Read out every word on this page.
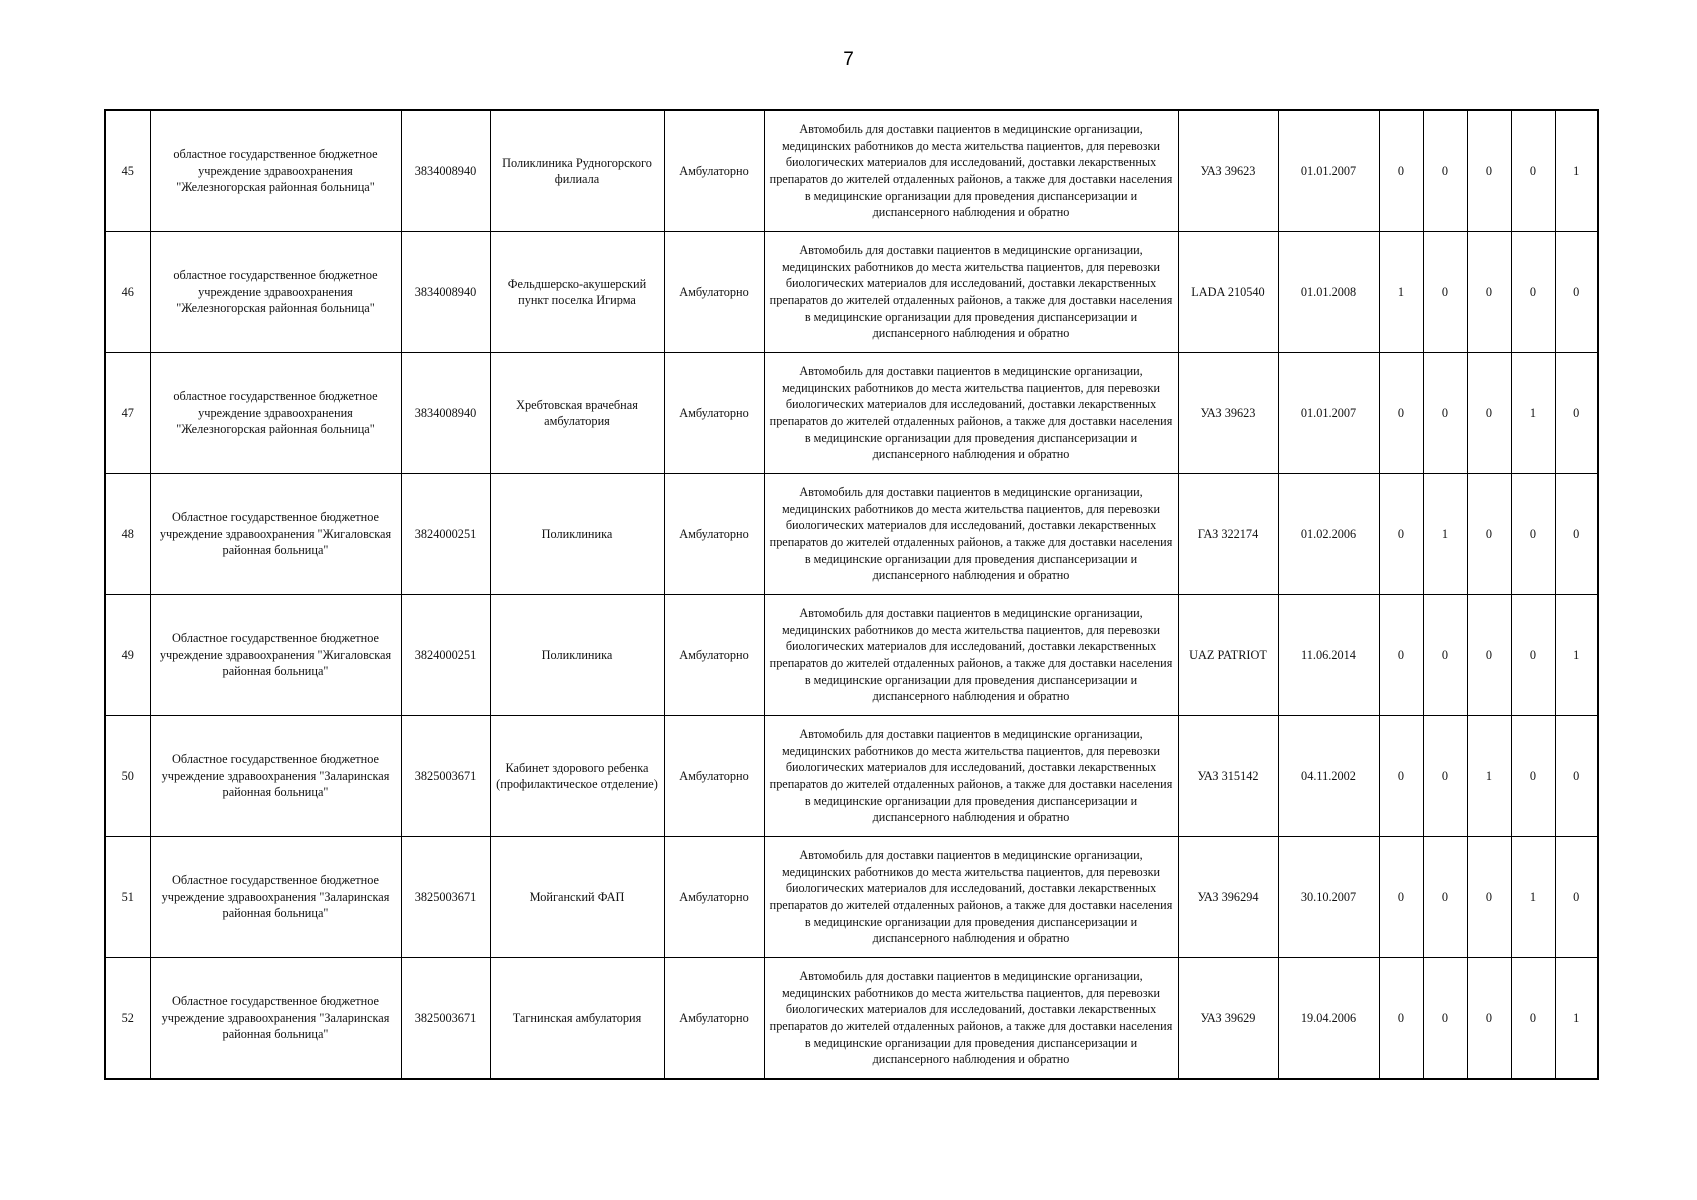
7
45	областное государственное бюджетное учреждение здравоохранения "Железногорская районная больница"	3834008940	Поликлиника Рудногорского филиала	Амбулаторно	Автомобиль для доставки пациентов в медицинские организации, медицинских работников до места жительства пациентов, для перевозки биологических материалов для исследований, доставки лекарственных препаратов до жителей отдаленных районов, а также для доставки населения в медицинские организации для проведения диспансеризации и диспансерного наблюдения и обратно	УАЗ 39623	01.01.2007	0	0	0	0	1
46	областное государственное бюджетное учреждение здравоохранения "Железногорская районная больница"	3834008940	Фельдшерско-акушерский пункт поселка Игирма	Амбулаторно	Автомобиль для доставки пациентов в медицинские организации, медицинских работников до места жительства пациентов, для перевозки биологических материалов для исследований, доставки лекарственных препаратов до жителей отдаленных районов, а также для доставки населения в медицинские организации для проведения диспансеризации и диспансерного наблюдения и обратно	LADA 210540	01.01.2008	1	0	0	0	0
47	областное государственное бюджетное учреждение здравоохранения "Железногорская районная больница"	3834008940	Хребтовская врачебная амбулатория	Амбулаторно	Автомобиль для доставки пациентов в медицинские организации, медицинских работников до места жительства пациентов, для перевозки биологических материалов для исследований, доставки лекарственных препаратов до жителей отдаленных районов, а также для доставки населения в медицинские организации для проведения диспансеризации и диспансерного наблюдения и обратно	УАЗ 39623	01.01.2007	0	0	0	1	0
48	Областное государственное бюджетное учреждение здравоохранения "Жигаловская районная больница"	3824000251	Поликлиника	Амбулаторно	Автомобиль для доставки пациентов в медицинские организации, медицинских работников до места жительства пациентов, для перевозки биологических материалов для исследований, доставки лекарственных препаратов до жителей отдаленных районов, а также для доставки населения в медицинские организации для проведения диспансеризации и диспансерного наблюдения и обратно	ГАЗ 322174	01.02.2006	0	1	0	0	0
49	Областное государственное бюджетное учреждение здравоохранения "Жигаловская районная больница"	3824000251	Поликлиника	Амбулаторно	Автомобиль для доставки пациентов в медицинские организации, медицинских работников до места жительства пациентов, для перевозки биологических материалов для исследований, доставки лекарственных препаратов до жителей отдаленных районов, а также для доставки населения в медицинские организации для проведения диспансеризации и диспансерного наблюдения и обратно	UAZ PATRIOT	11.06.2014	0	0	0	0	1
50	Областное государственное бюджетное учреждение здравоохранения "Заларинская районная больница"	3825003671	Кабинет здорового ребенка (профилактическое отделение)	Амбулаторно	Автомобиль для доставки пациентов в медицинские организации, медицинских работников до места жительства пациентов, для перевозки биологических материалов для исследований, доставки лекарственных препаратов до жителей отдаленных районов, а также для доставки населения в медицинские организации для проведения диспансеризации и диспансерного наблюдения и обратно	УАЗ 315142	04.11.2002	0	0	1	0	0
51	Областное государственное бюджетное учреждение здравоохранения "Заларинская районная больница"	3825003671	Мойганский ФАП	Амбулаторно	Автомобиль для доставки пациентов в медицинские организации, медицинских работников до места жительства пациентов, для перевозки биологических материалов для исследований, доставки лекарственных препаратов до жителей отдаленных районов, а также для доставки населения в медицинские организации для проведения диспансеризации и диспансерного наблюдения и обратно	УАЗ 396294	30.10.2007	0	0	0	1	0
52	Областное государственное бюджетное учреждение здравоохранения "Заларинская районная больница"	3825003671	Тагнинская амбулатория	Амбулаторно	Автомобиль для доставки пациентов в медицинские организации, медицинских работников до места жительства пациентов, для перевозки биологических материалов для исследований, доставки лекарственных препаратов до жителей отдаленных районов, а также для доставки населения в медицинские организации для проведения диспансеризации и диспансерного наблюдения и обратно	УАЗ 39629	19.04.2006	0	0	0	0	1
